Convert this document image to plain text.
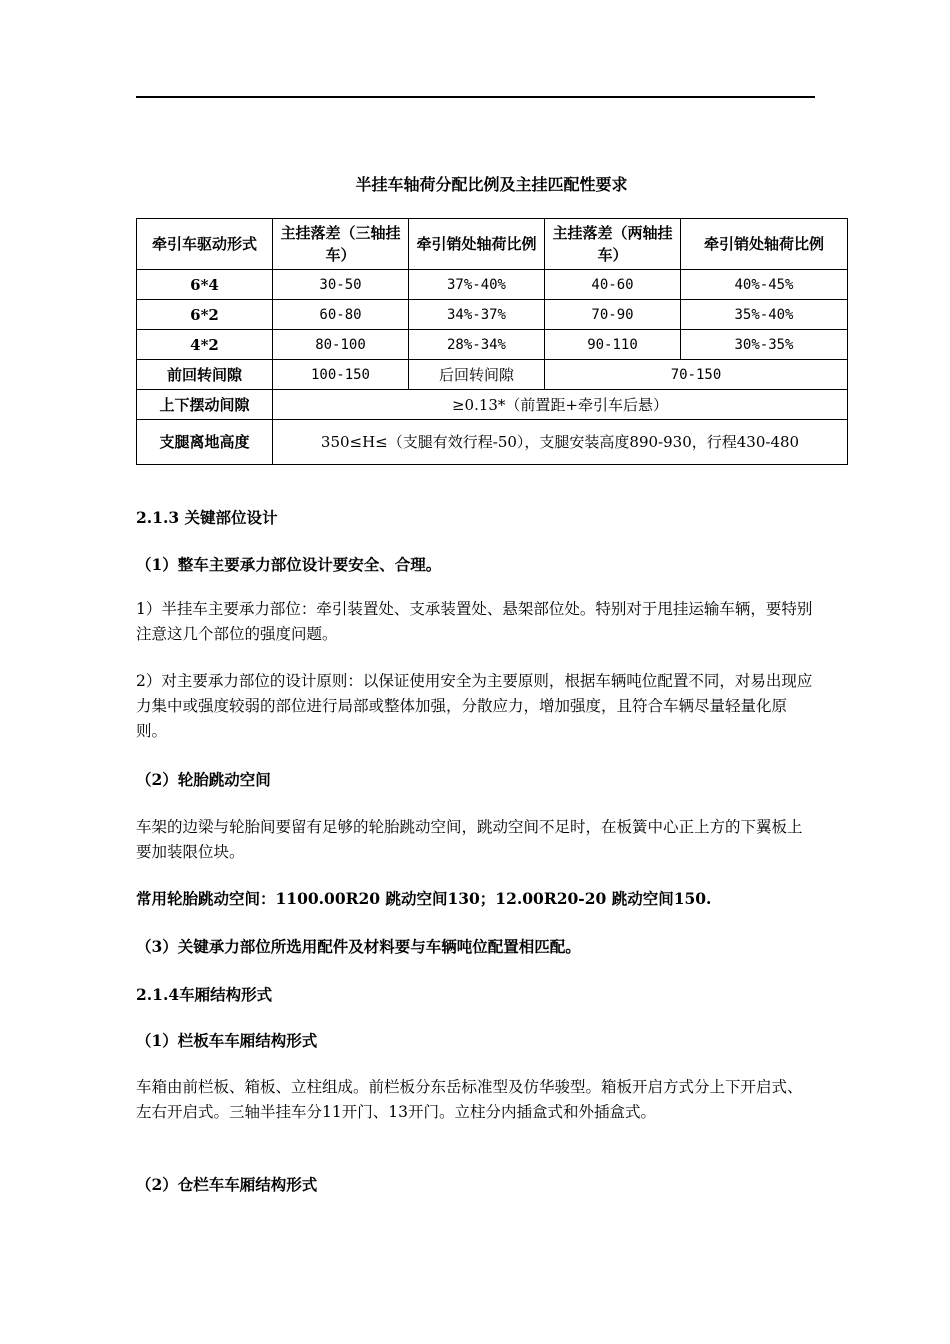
半挂车轴荷分配比例及主挂匹配性要求
牵引车驱动形式	主挂落差（三轴挂车）	牵引销处轴荷比例	主挂落差（两轴挂车）	牵引销处轴荷比例
6*4	30-50	37%-40%	40-60	40%-45%
6*2	60-80	34%-37%	70-90	35%-40%
4*2	80-100	28%-34%	90-110	30%-35%
前回转间隙	100-150	后回转间隙	70-150	
上下摆动间隙	≥0.13*（前置距+牵引车后悬）			
支腿离地高度	350≤H≤（支腿有效行程-50），支腿安装高度890-930，行程430-480			

2.1.3 关键部位设计

（1）整车主要承力部位设计要安全、合理。

1）半挂车主要承力部位：牵引装置处、支承装置处、悬架部位处。特别对于甩挂运输车辆，要特别注意这几个部位的强度问题。

2）对主要承力部位的设计原则：以保证使用安全为主要原则，根据车辆吨位配置不同，对易出现应力集中或强度较弱的部位进行局部或整体加强，分散应力，增加强度，且符合车辆尽量轻量化原则。

（2）轮胎跳动空间

车架的边梁与轮胎间要留有足够的轮胎跳动空间，跳动空间不足时，在板簧中心正上方的下翼板上要加装限位块。

常用轮胎跳动空间：1100.00R20 跳动空间130；12.00R20-20 跳动空间150.

（3）关键承力部位所选用配件及材料要与车辆吨位配置相匹配。

2.1.4车厢结构形式

（1）栏板车车厢结构形式

车箱由前栏板、箱板、立柱组成。前栏板分东岳标准型及仿华骏型。箱板开启方式分上下开启式、左右开启式。三轴半挂车分11开门、13开门。立柱分内插盒式和外插盒式。

（2）仓栏车车厢结构形式
